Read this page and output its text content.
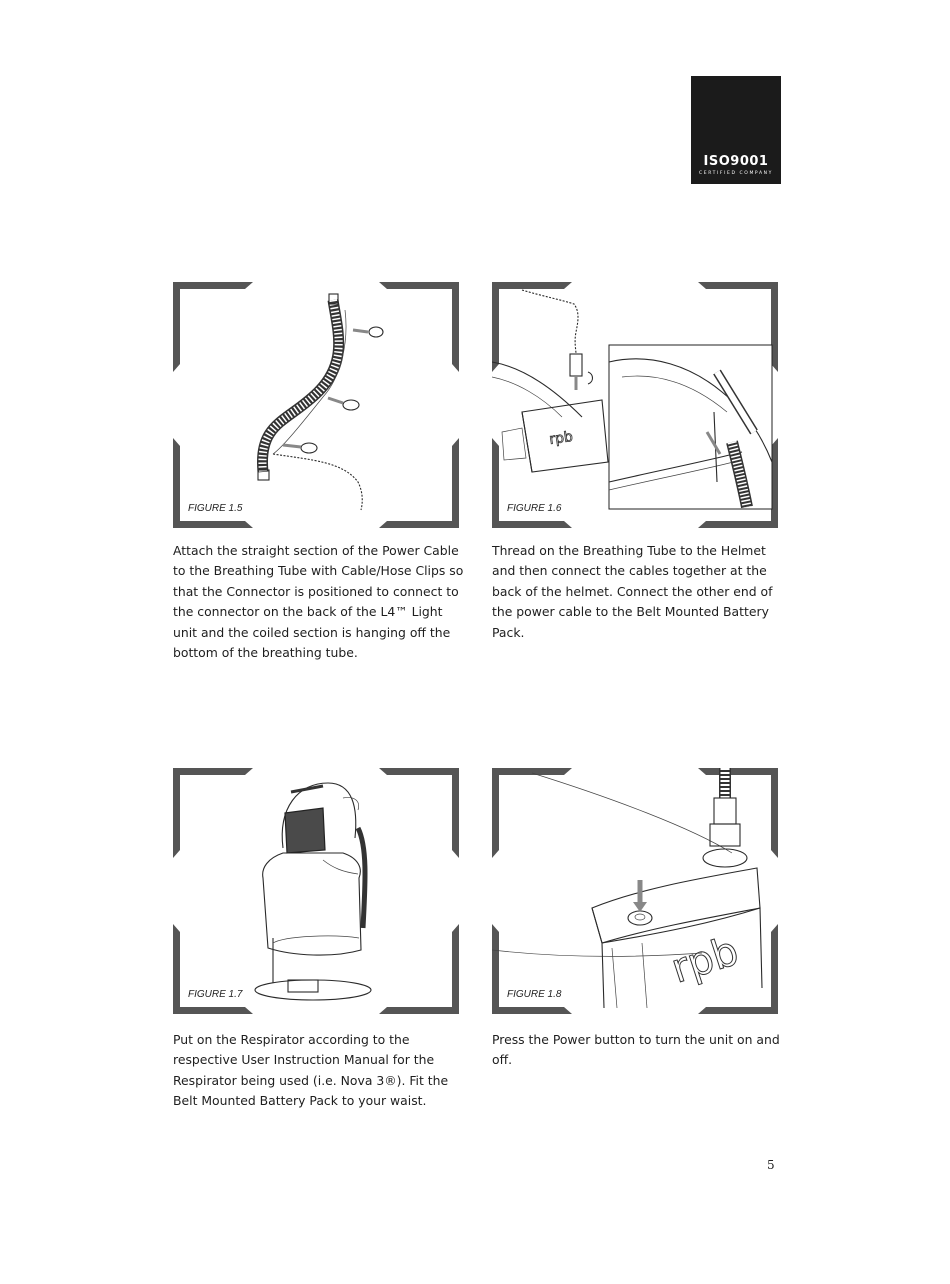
ISO9001
CERTIFIED COMPANY
FIGURE 1.5
rpb
FIGURE 1.6
Attach the straight section of the Power Cable to the Breathing Tube with Cable/Hose Clips so that the Connector is positioned to connect to the connector on the back of the L4™ Light unit and the coiled section is hanging off the bottom of the breathing tube.
Thread on the Breathing Tube to the Helmet and then connect the cables together at the back of the helmet. Connect the other end of the power cable to the Belt Mounted Battery Pack.
FIGURE 1.7
rpb
FIGURE 1.8
Put on the Respirator according to the respective User Instruction Manual for the Respirator being used (i.e. Nova 3®). Fit the Belt Mounted Battery Pack to your waist.
Press the Power button to turn the unit on and off.
5
